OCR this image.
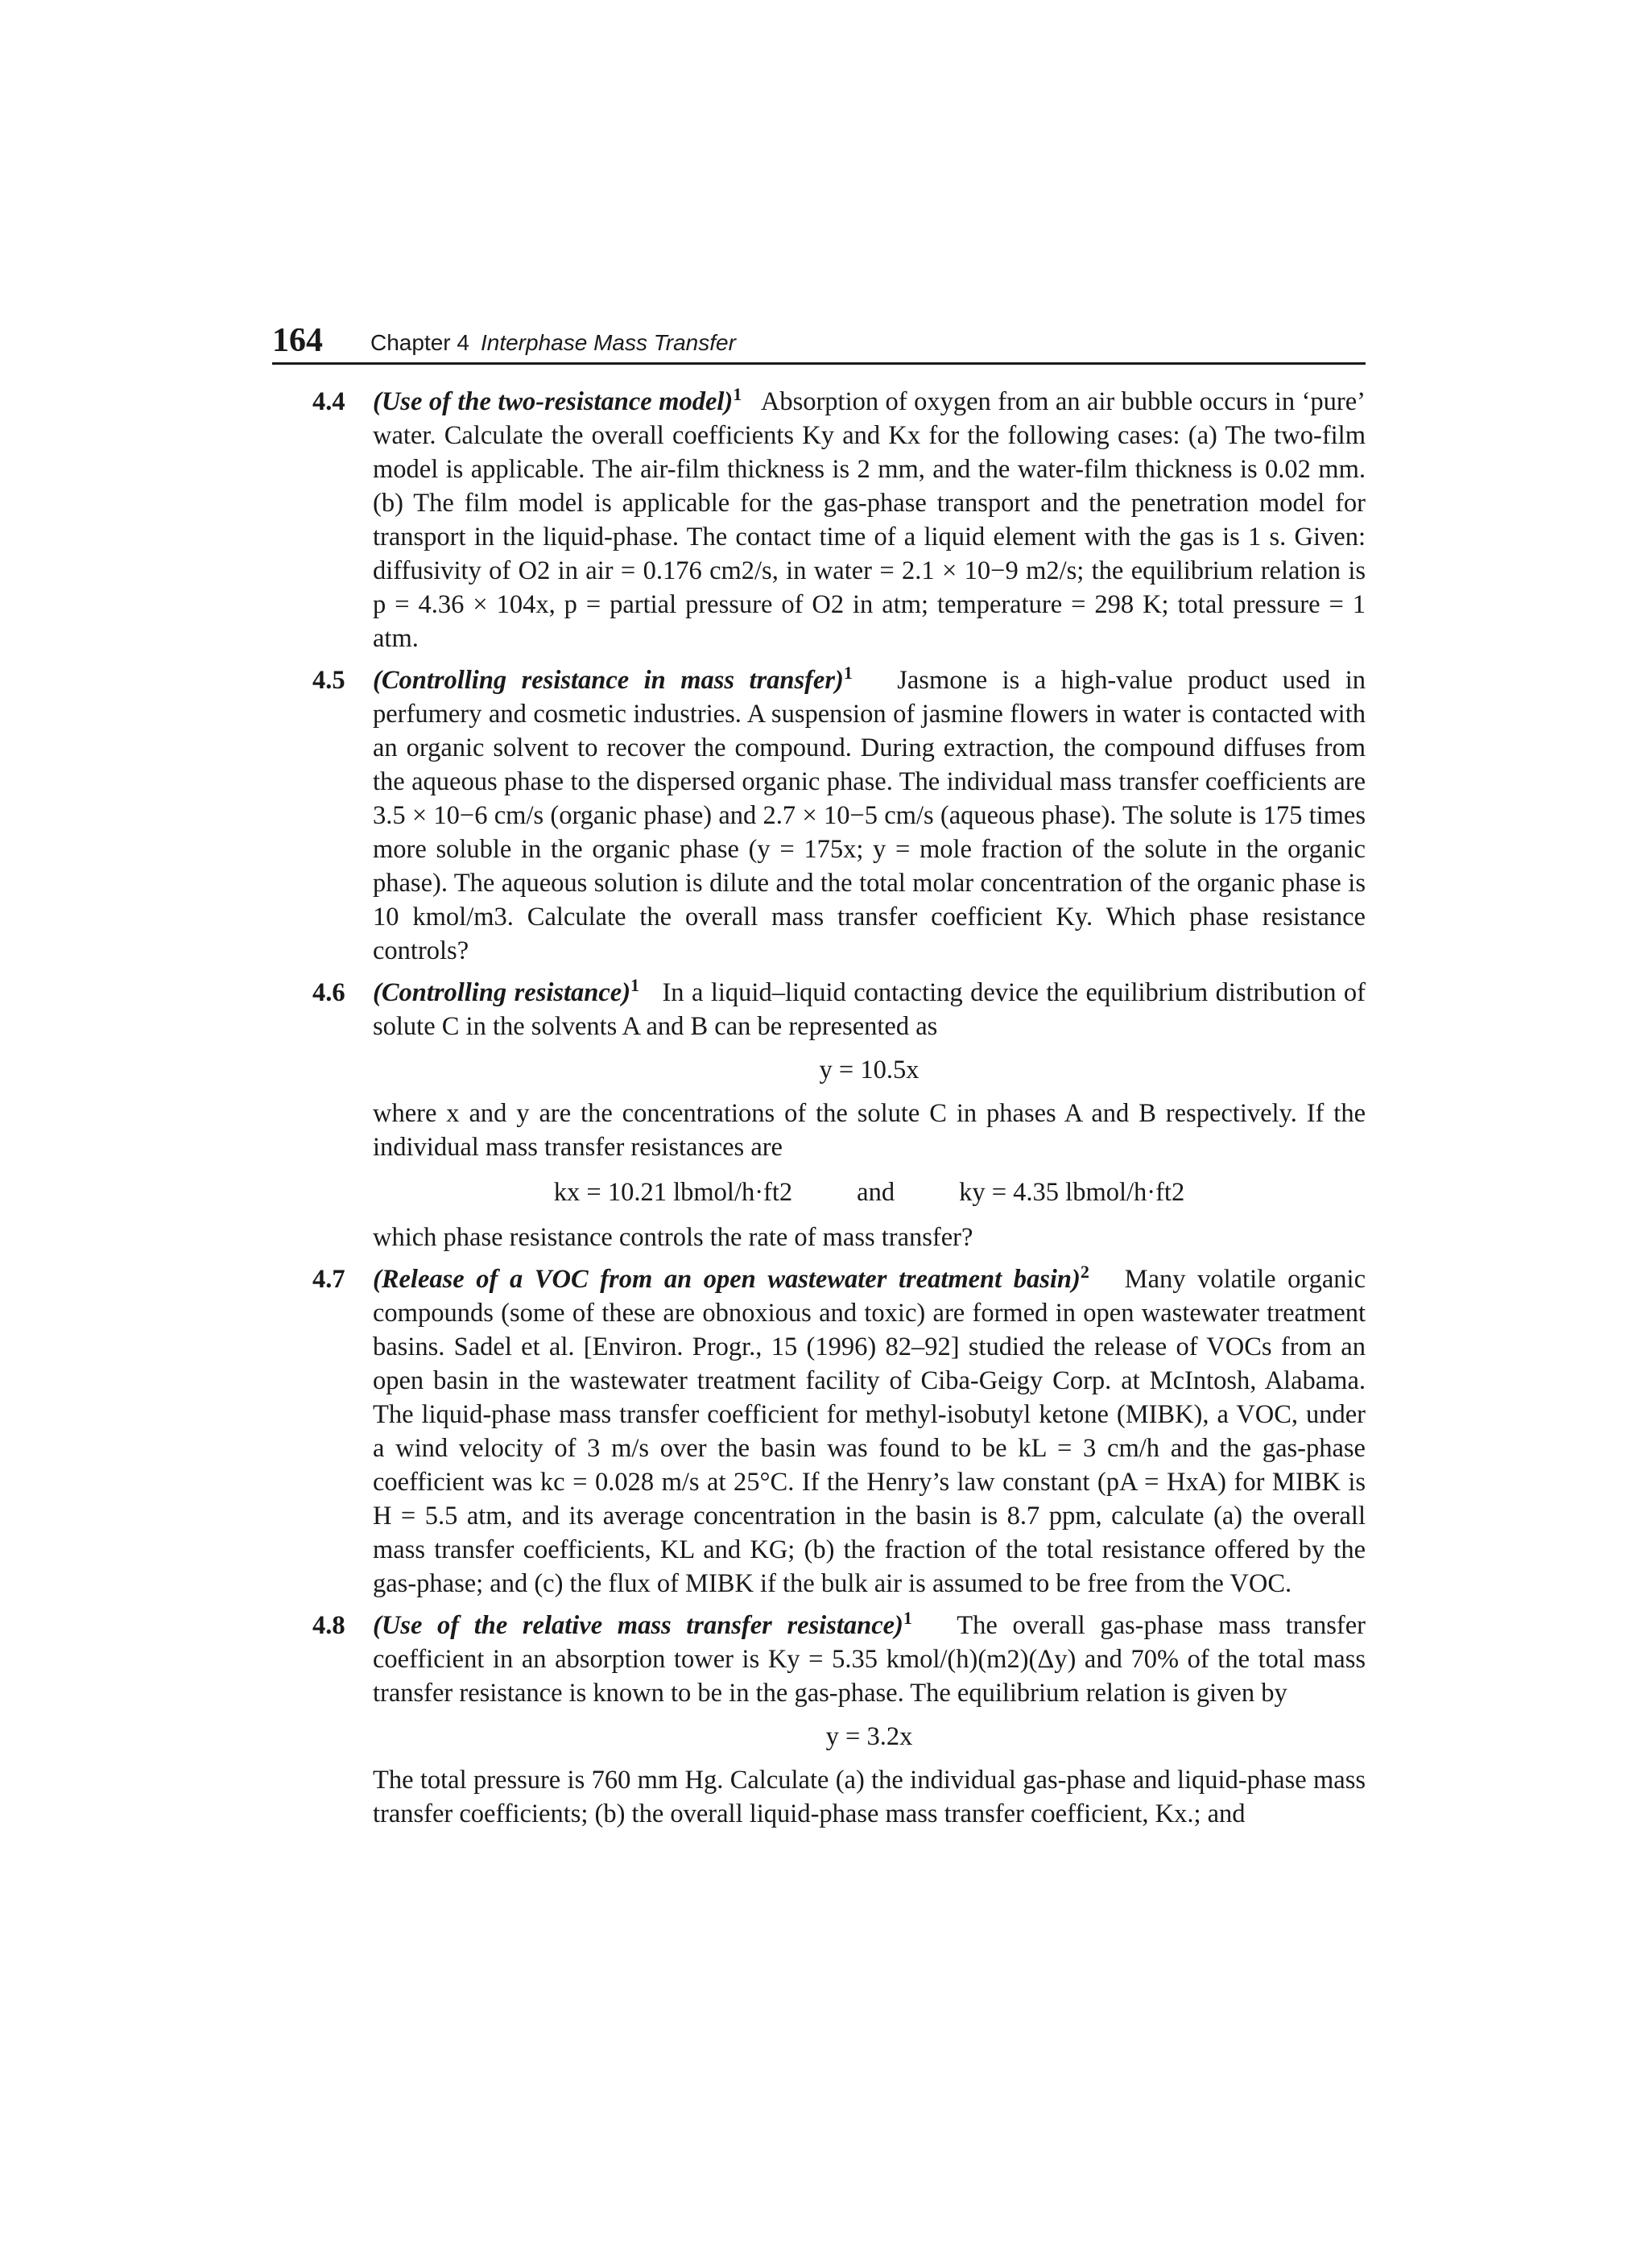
164 Chapter 4 Interphase Mass Transfer
4.4 (Use of the two-resistance model)$^1$ Absorption of oxygen from an air bubble occurs in ‘pure’ water. Calculate the overall coefficients Ky and Kx for the following cases: (a) The two-film model is applicable. The air-film thickness is 2 mm, and the water-film thickness is 0.02 mm. (b) The film model is applicable for the gas-phase transport and the penetration model for transport in the liquid-phase. The contact time of a liquid element with the gas is 1 s. Given: diffusivity of O2 in air = 0.176 cm2/s, in water = 2.1 × 10−9 m2/s; the equilibrium relation is p = 4.36 × 104x, p = partial pressure of O2 in atm; temperature = 298 K; total pressure = 1 atm.

4.5 (Controlling resistance in mass transfer)$^1$ Jasmone is a high-value product used in perfumery and cosmetic industries. A suspension of jasmine flowers in water is contacted with an organic solvent to recover the compound. During extraction, the compound diffuses from the aqueous phase to the dispersed organic phase. The individual mass transfer coefficients are 3.5 × 10−6 cm/s (organic phase) and 2.7 × 10−5 cm/s (aqueous phase). The solute is 175 times more soluble in the organic phase (y = 175x; y = mole fraction of the solute in the organic phase). The aqueous solution is dilute and the total molar concentration of the organic phase is 10 kmol/m3. Calculate the overall mass transfer coefficient Ky. Which phase resistance controls?

4.6 (Controlling resistance)$^1$ In a liquid–liquid contacting device the equilibrium distribution of solute C in the solvents A and B can be represented as

y = 10.5x

where x and y are the concentrations of the solute C in phases A and B respectively. If the individual mass transfer resistances are

kx = 10.21 lbmol/h·ft2 and ky = 4.35 lbmol/h·ft2

which phase resistance controls the rate of mass transfer?

4.7 (Release of a VOC from an open wastewater treatment basin)$^2$ Many volatile organic compounds (some of these are obnoxious and toxic) are formed in open wastewater treatment basins. Sadel et al. [Environ. Progr., 15 (1996) 82–92] studied the release of VOCs from an open basin in the wastewater treatment facility of Ciba-Geigy Corp. at McIntosh, Alabama. The liquid-phase mass transfer coefficient for methyl-isobutyl ketone (MIBK), a VOC, under a wind velocity of 3 m/s over the basin was found to be kL = 3 cm/h and the gas-phase coefficient was kc = 0.028 m/s at 25°C. If the Henry’s law constant (pA = HxA) for MIBK is H = 5.5 atm, and its average concentration in the basin is 8.7 ppm, calculate (a) the overall mass transfer coefficients, KL and KG; (b) the fraction of the total resistance offered by the gas-phase; and (c) the flux of MIBK if the bulk air is assumed to be free from the VOC.

4.8 (Use of the relative mass transfer resistance)$^1$ The overall gas-phase mass transfer coefficient in an absorption tower is Ky = 5.35 kmol/(h)(m2)(Δy) and 70% of the total mass transfer resistance is known to be in the gas-phase. The equilibrium relation is given by

y = 3.2x

The total pressure is 760 mm Hg. Calculate (a) the individual gas-phase and liquid-phase mass transfer coefficients; (b) the overall liquid-phase mass transfer coefficient, Kx.; and
